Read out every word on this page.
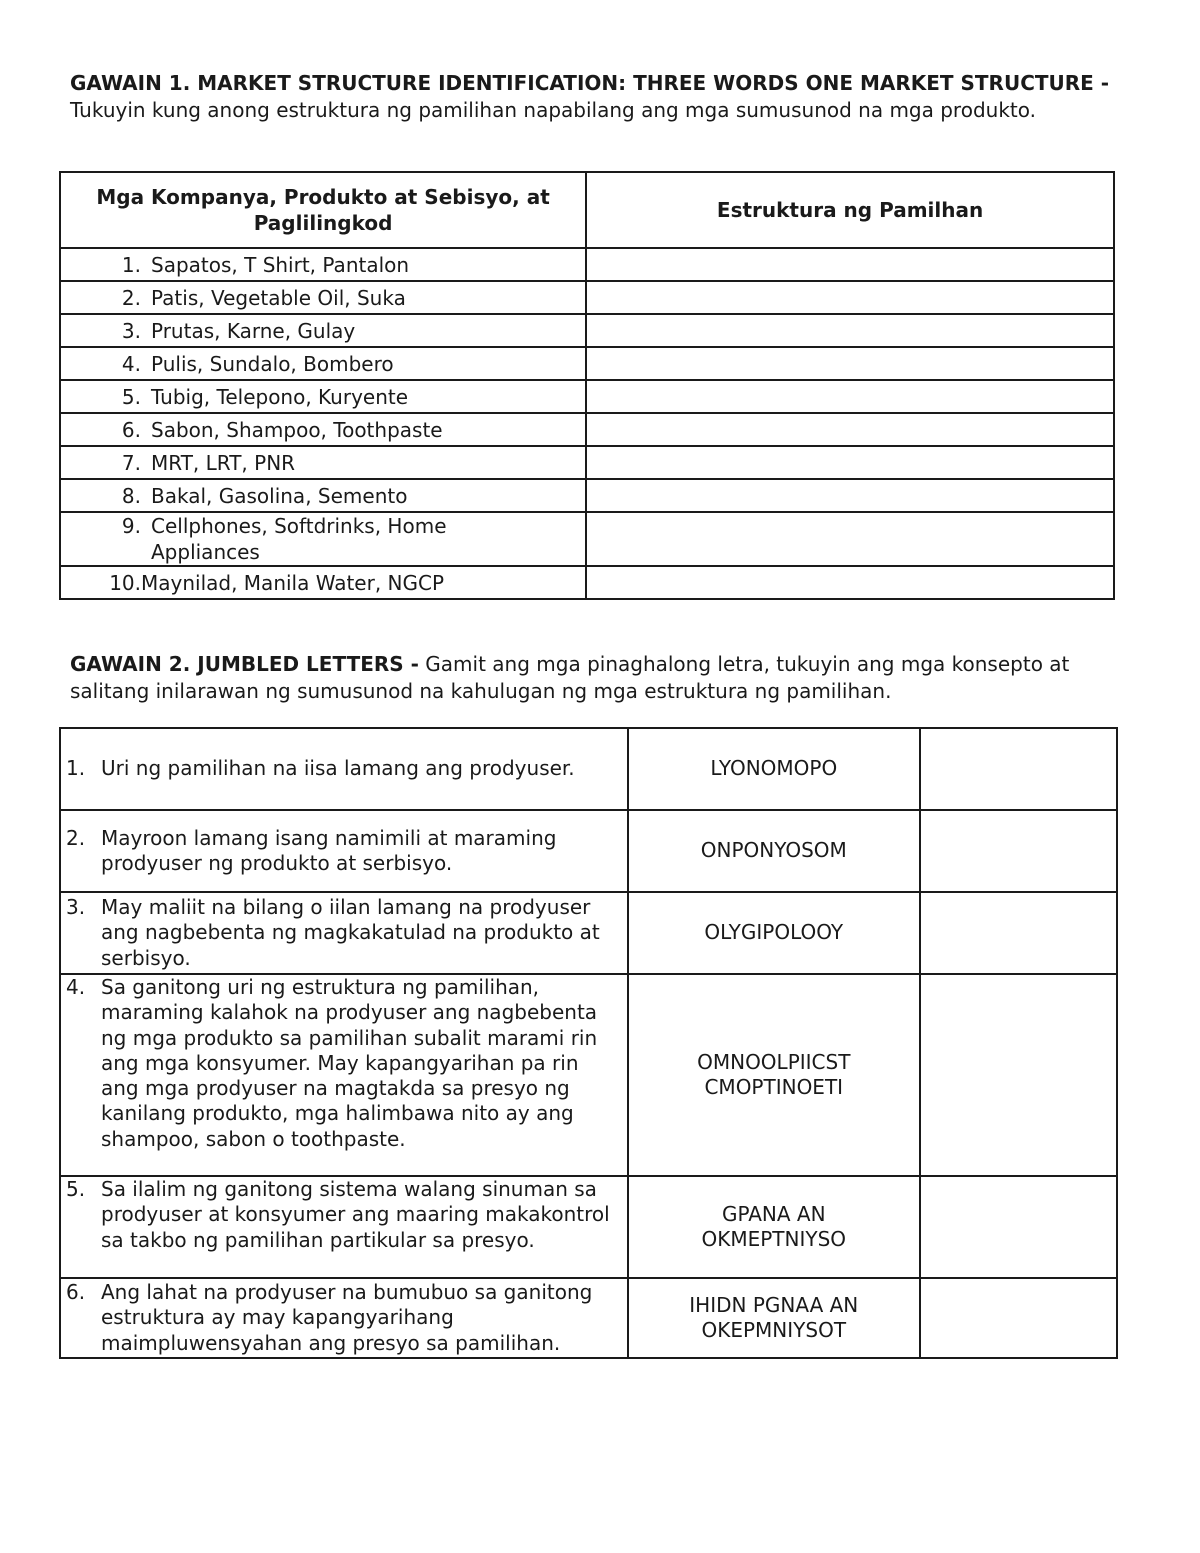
GAWAIN 1. MARKET STRUCTURE IDENTIFICATION: THREE WORDS ONE MARKET STRUCTURE -Tukuyin kung anong estruktura ng pamilihan napabilang ang mga sumusunod na mga produkto.
Mga Kompanya, Produkto at Sebisyo, at Paglilingkod	Estruktura ng Pamilhan

1. Sapatos, T Shirt, Pantalon	

2. Patis, Vegetable Oil, Suka	

3. Prutas, Karne, Gulay	

4. Pulis, Sundalo, Bombero	

5. Tubig, Telepono, Kuryente	

6. Sabon, Shampoo, Toothpaste	

7. MRT, LRT, PNR	

8. Bakal, Gasolina, Semento	

9. Cellphones, Softdrinks, Home Appliances	

10. Maynilad, Manila Water, NGCP	

GAWAIN 2. JUMBLED LETTERS - Gamit ang mga pinaghalong letra, tukuyin ang mga konsepto at salitang inilarawan ng sumusunod na kahulugan ng mga estruktura ng pamilihan.
1. Uri ng pamilihan na iisa lamang ang prodyuser.	LYONOMOPO	

2. Mayroon lamang isang namimili at maraming prodyuser ng produkto at serbisyo.	ONPONYOSOM	

3. May maliit na bilang o iilan lamang na prodyuser ang nagbebenta ng magkakatulad na produkto at serbisyo.	OLYGIPOLOOY	

4. Sa ganitong uri ng estruktura ng pamilihan, maraming kalahok na prodyuser ang nagbebenta ng mga produkto sa pamilihan subalit marami rin ang mga konsyumer. May kapangyarihan pa rin ang mga prodyuser na magtakda sa presyo ng kanilang produkto, mga halimbawa nito ay ang shampoo, sabon o toothpaste.	OMNOOLPIICST CMOPTINOETI	

5. Sa ilalim ng ganitong sistema walang sinuman sa prodyuser at konsyumer ang maaring makakontrol sa takbo ng pamilihan partikular sa presyo.	GPANA AN OKMEPTNIYSO	

6. Ang lahat na prodyuser na bumubuo sa ganitong estruktura ay may kapangyarihang maimpluwensyahan ang presyo sa pamilihan.	IHIDN PGNAA AN OKEPMNIYSOT	
